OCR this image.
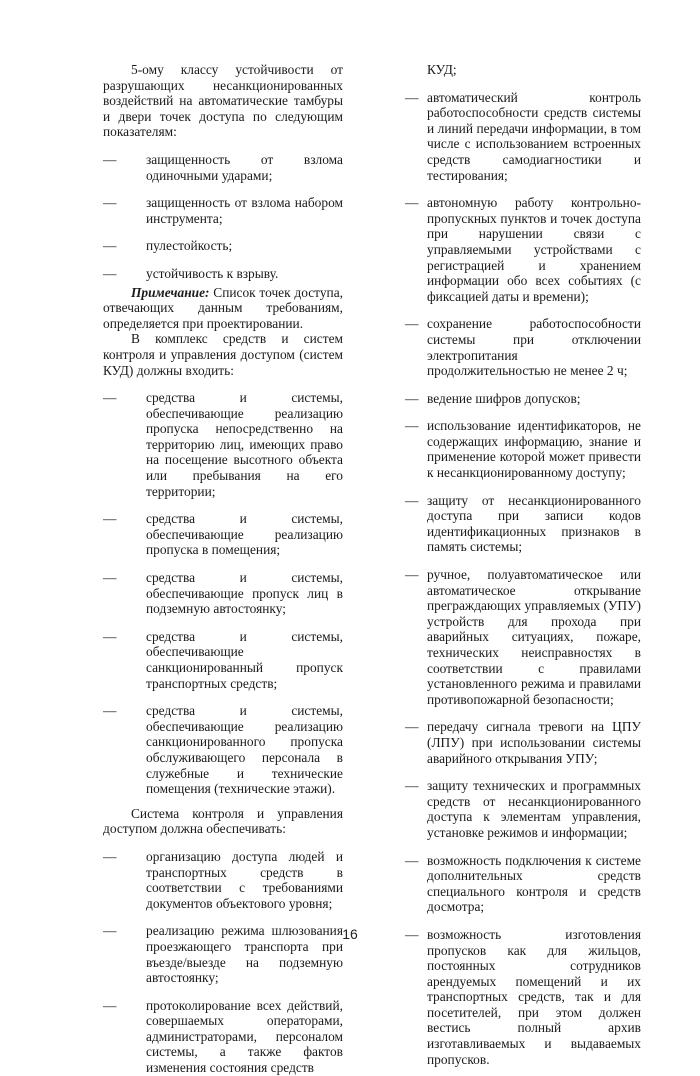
5-ому классу устойчивости от разрушающих несанкционированных воздействий на автоматические тамбуры и двери точек доступа по следующим показателям:

— защищенность от взлома одиночными ударами;
— защищенность от взлома набором инструмента;
— пулестойкость;
— устойчивость к взрыву.

Примечание: Список точек доступа, отвечающих данным требованиям, определяется при проектировании.

В комплекс средств и систем контроля и управления доступом (систем КУД) должны входить:

— средства и системы, обеспечивающие реализацию пропуска непосредственно на территорию лиц, имеющих право на посещение высотного объекта или пребывания на его территории;
— средства и системы, обеспечивающие реализацию пропуска в помещения;
— средства и системы, обеспечивающие пропуск лиц в подземную автостоянку;
— средства и системы, обеспечивающие санкционированный пропуск транспортных средств;
— средства и системы, обеспечивающие реализацию санкционированного пропуска обслуживающего персонала в служебные и технические помещения (технические этажи).

Система контроля и управления доступом должна обеспечивать:

— организацию доступа людей и транспортных средств в соответствии с требованиями документов объектового уровня;
— реализацию режима шлюзования проезжающего транспорта при въезде/выезде на подземную автостоянку;
— протоколирование всех действий, совершаемых операторами, администраторами, персоналом системы, а также фактов изменения состояния средств

КУД;

— автоматический контроль работоспособности средств системы и линий передачи информации, в том числе с использованием встроенных средств самодиагностики и тестирования;
— автономную работу контрольно-пропускных пунктов и точек доступа при нарушении связи с управляемыми устройствами с регистрацией и хранением информации обо всех событиях (с фиксацией даты и времени);
— сохранение работоспособности системы при отключении электропитания продолжительностью не менее 2 ч;
— ведение шифров допусков;
— использование идентификаторов, не содержащих информацию, знание и применение которой может привести к несанкционированному доступу;
— защиту от несанкционированного доступа при записи кодов идентификационных признаков в память системы;
— ручное, полуавтоматическое или автоматическое открывание преграждающих управляемых (УПУ) устройств для прохода при аварийных ситуациях, пожаре, технических неисправностях в соответствии с правилами установленного режима и правилами противопожарной безопасности;
— передачу сигнала тревоги на ЦПУ (ЛПУ) при использовании системы аварийного открывания УПУ;
— защиту технических и программных средств от несанкционированного доступа к элементам управления, установке режимов и информации;
— возможность подключения к системе дополнительных средств специального контроля и средств досмотра;
— возможность изготовления пропусков как для жильцов, постоянных сотрудников арендуемых помещений и их транспортных средств, так и для посетителей, при этом должен вестись полный архив изготавливаемых и выдаваемых пропусков.
16
